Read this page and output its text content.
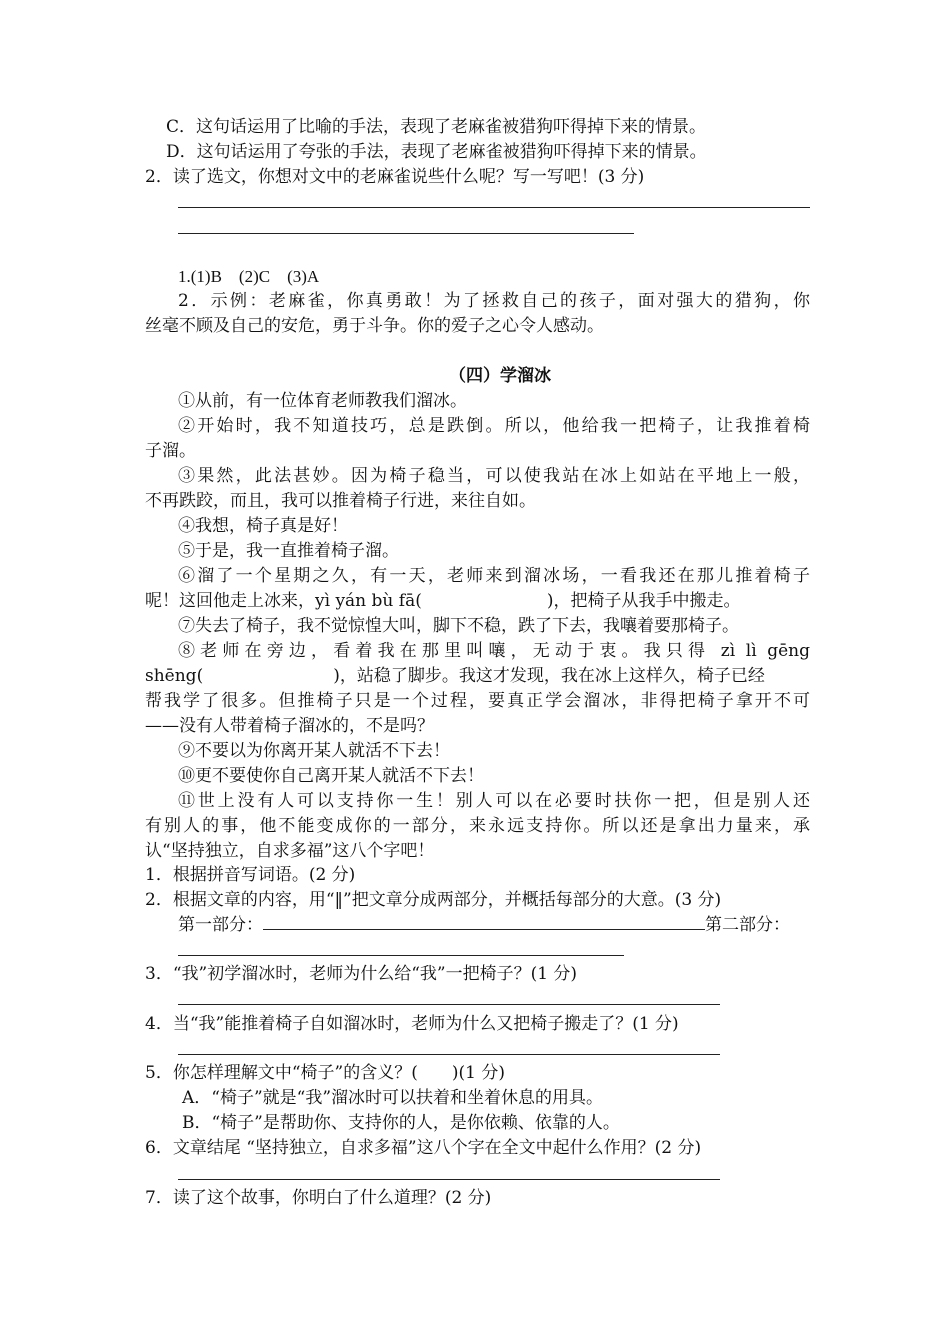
C．这句话运用了比喻的手法，表现了老麻雀被猎狗吓得掉下来的情景。
D．这句话运用了夸张的手法，表现了老麻雀被猎狗吓得掉下来的情景。
2．读了选文，你想对文中的老麻雀说些什么呢？写一写吧！(3 分)
1.(1)B　(2)C　(3)A
2．示例：老麻雀，你真勇敢！为了拯救自己的孩子，面对强大的猎狗，你
丝毫不顾及自己的安危，勇于斗争。你的爱子之心令人感动。
（四）学溜冰
①从前，有一位体育老师教我们溜冰。
②开始时，我不知道技巧，总是跌倒。所以，他给我一把椅子，让我推着椅
子溜。
③果然，此法甚妙。因为椅子稳当，可以使我站在冰上如站在平地上一般，
不再跌跤，而且，我可以推着椅子行进，来往自如。
④我想，椅子真是好！
⑤于是，我一直推着椅子溜。
⑥溜了一个星期之久，有一天，老师来到溜冰场，一看我还在那儿推着椅子
呢！这回他走上冰来，yì yán bù fā(	)，把椅子从我手中搬走。
⑦失去了椅子，我不觉惊惶大叫，脚下不稳，跌了下去，我嚷着要那椅子。
⑧老师在旁边，看着我在那里叫嚷，无动于衷。我只得 zì lì gēng
shēng(	)，站稳了脚步。我这才发现，我在冰上这样久，椅子已经
帮我学了很多。但推椅子只是一个过程，要真正学会溜冰，非得把椅子拿开不可
——没有人带着椅子溜冰的，不是吗？
⑨不要以为你离开某人就活不下去！
⑩更不要使你自己离开某人就活不下去！
⑪世上没有人可以支持你一生！别人可以在必要时扶你一把，但是别人还
有别人的事，他不能变成你的一部分，来永远支持你。所以还是拿出力量来，承
认“坚持独立，自求多福”这八个字吧！
1．根据拼音写词语。(2 分)
2．根据文章的内容，用“‖”把文章分成两部分，并概括每部分的大意。(3 分)
第一部分：	第二部分：
3．“我”初学溜冰时，老师为什么给“我”一把椅子？(1 分)
4．当“我”能推着椅子自如溜冰时，老师为什么又把椅子搬走了？(1 分)
5．你怎样理解文中“椅子”的含义？(　　)(1 分)
A．“椅子”就是“我”溜冰时可以扶着和坐着休息的用具。
B．“椅子”是帮助你、支持你的人，是你依赖、依靠的人。
6．文章结尾 “坚持独立，自求多福”这八个字在全文中起什么作用？(2 分)
7．读了这个故事，你明白了什么道理？(2 分)
